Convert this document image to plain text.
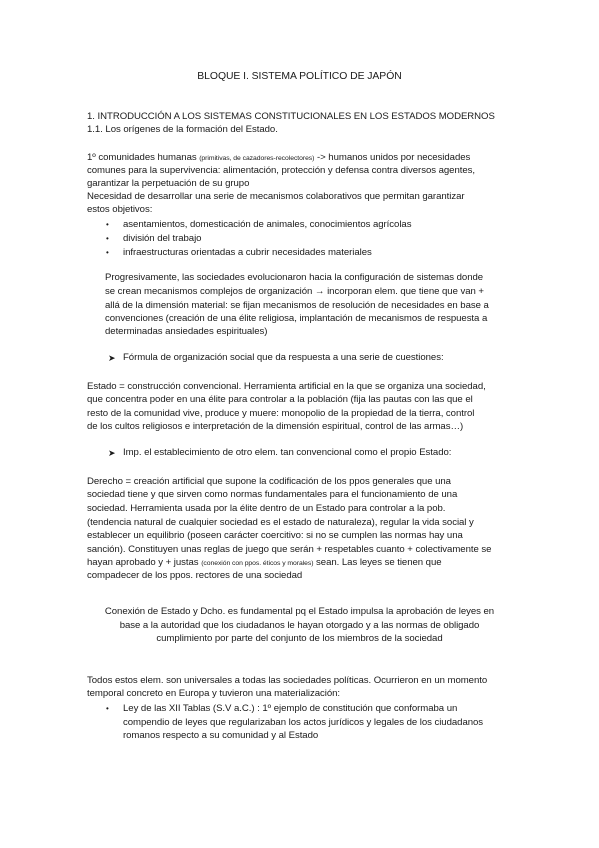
BLOQUE I. SISTEMA POLÍTICO DE JAPÓN
1. INTRODUCCIÓN A LOS SISTEMAS CONSTITUCIONALES EN LOS ESTADOS MODERNOS
1.1. Los orígenes de la formación del Estado.
1º comunidades humanas (primitivas, de cazadores-recolectores) -> humanos unidos por necesidades
comunes para la supervivencia: alimentación, protección y defensa contra diversos agentes,
garantizar la perpetuación de su grupo
Necesidad de desarrollar una serie de mecanismos colaborativos que permitan garantizar
estos objetivos:
• asentamientos, domesticación de animales, conocimientos agrícolas
• división del trabajo
• infraestructuras orientadas a cubrir necesidades materiales
Progresivamente, las sociedades evolucionaron hacia la configuración de sistemas donde
se crean mecanismos complejos de organización → incorporan elem. que tiene que van +
allá de la dimensión material: se fijan mecanismos de resolución de necesidades en base a
convenciones (creación de una élite religiosa, implantación de mecanismos de respuesta a
determinadas ansiedades espirituales)
➤ Fórmula de organización social que da respuesta a una serie de cuestiones:
Estado = construcción convencional. Herramienta artificial en la que se organiza una sociedad,
que concentra poder en una élite para controlar a la población (fija las pautas con las que el
resto de la comunidad vive, produce y muere: monopolio de la propiedad de la tierra, control
de los cultos religiosos e interpretación de la dimensión espiritual, control de las armas…)
➤ Imp. el establecimiento de otro elem. tan convencional como el propio Estado:
Derecho = creación artificial que supone la codificación de los ppos generales que una
sociedad tiene y que sirven como normas fundamentales para el funcionamiento de una
sociedad. Herramienta usada por la élite dentro de un Estado para controlar a la pob.
(tendencia natural de cualquier sociedad es el estado de naturaleza), regular la vida social y
establecer un equilibrio (poseen carácter coercitivo: si no se cumplen las normas hay una
sanción). Constituyen unas reglas de juego que serán + respetables cuanto + colectivamente se
hayan aprobado y + justas (conexión con ppos. éticos y morales) sean. Las leyes se tienen que
compadecer de los ppos. rectores de una sociedad
Conexión de Estado y Dcho. es fundamental pq el Estado impulsa la aprobación de leyes en
base a la autoridad que los ciudadanos le hayan otorgado y a las normas de obligado
cumplimiento por parte del conjunto de los miembros de la sociedad
Todos estos elem. son universales a todas las sociedades políticas. Ocurrieron en un momento
temporal concreto en Europa y tuvieron una materialización:
• Ley de las XII Tablas (S.V a.C.) : 1º ejemplo de constitución que conformaba un
compendio de leyes que regularizaban los actos jurídicos y legales de los ciudadanos
romanos respecto a su comunidad y al Estado
